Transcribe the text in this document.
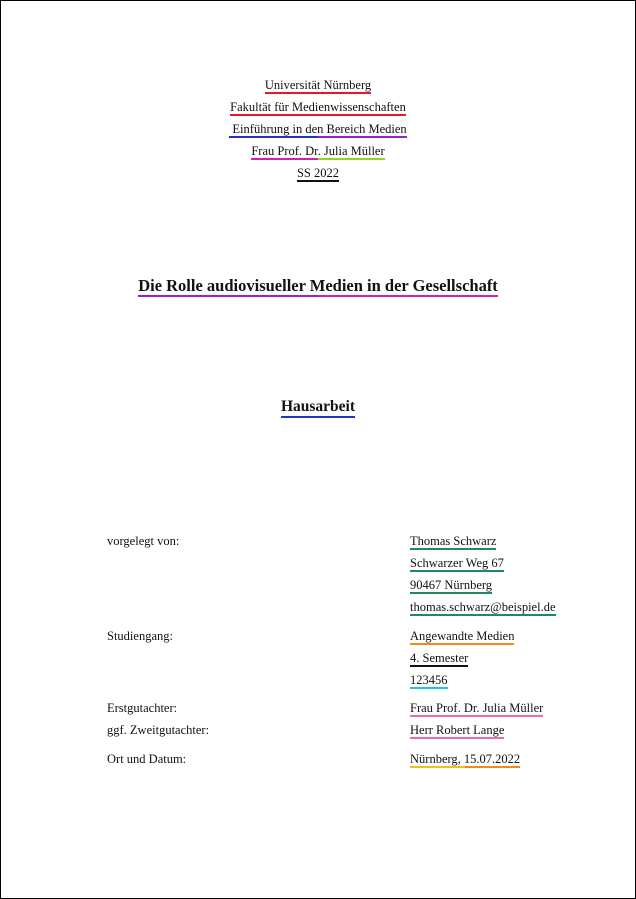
Universität Nürnberg
Fakultät für Medienwissenschaften
Einführung in den Bereich Medien
Frau Prof. Dr. Julia Müller
SS 2022
Die Rolle audiovisueller Medien in der Gesellschaft
Hausarbeit
vorgelegt von:	Thomas Schwarz
Schwarzer Weg 67
90467 Nürnberg
thomas.schwarz@beispiel.de
Studiengang:	Angewandte Medien
4. Semester
123456
Erstgutachter:	Frau Prof. Dr. Julia Müller
ggf. Zweitgutachter:	Herr Robert Lange
Ort und Datum:	Nürnberg, 15.07.2022
